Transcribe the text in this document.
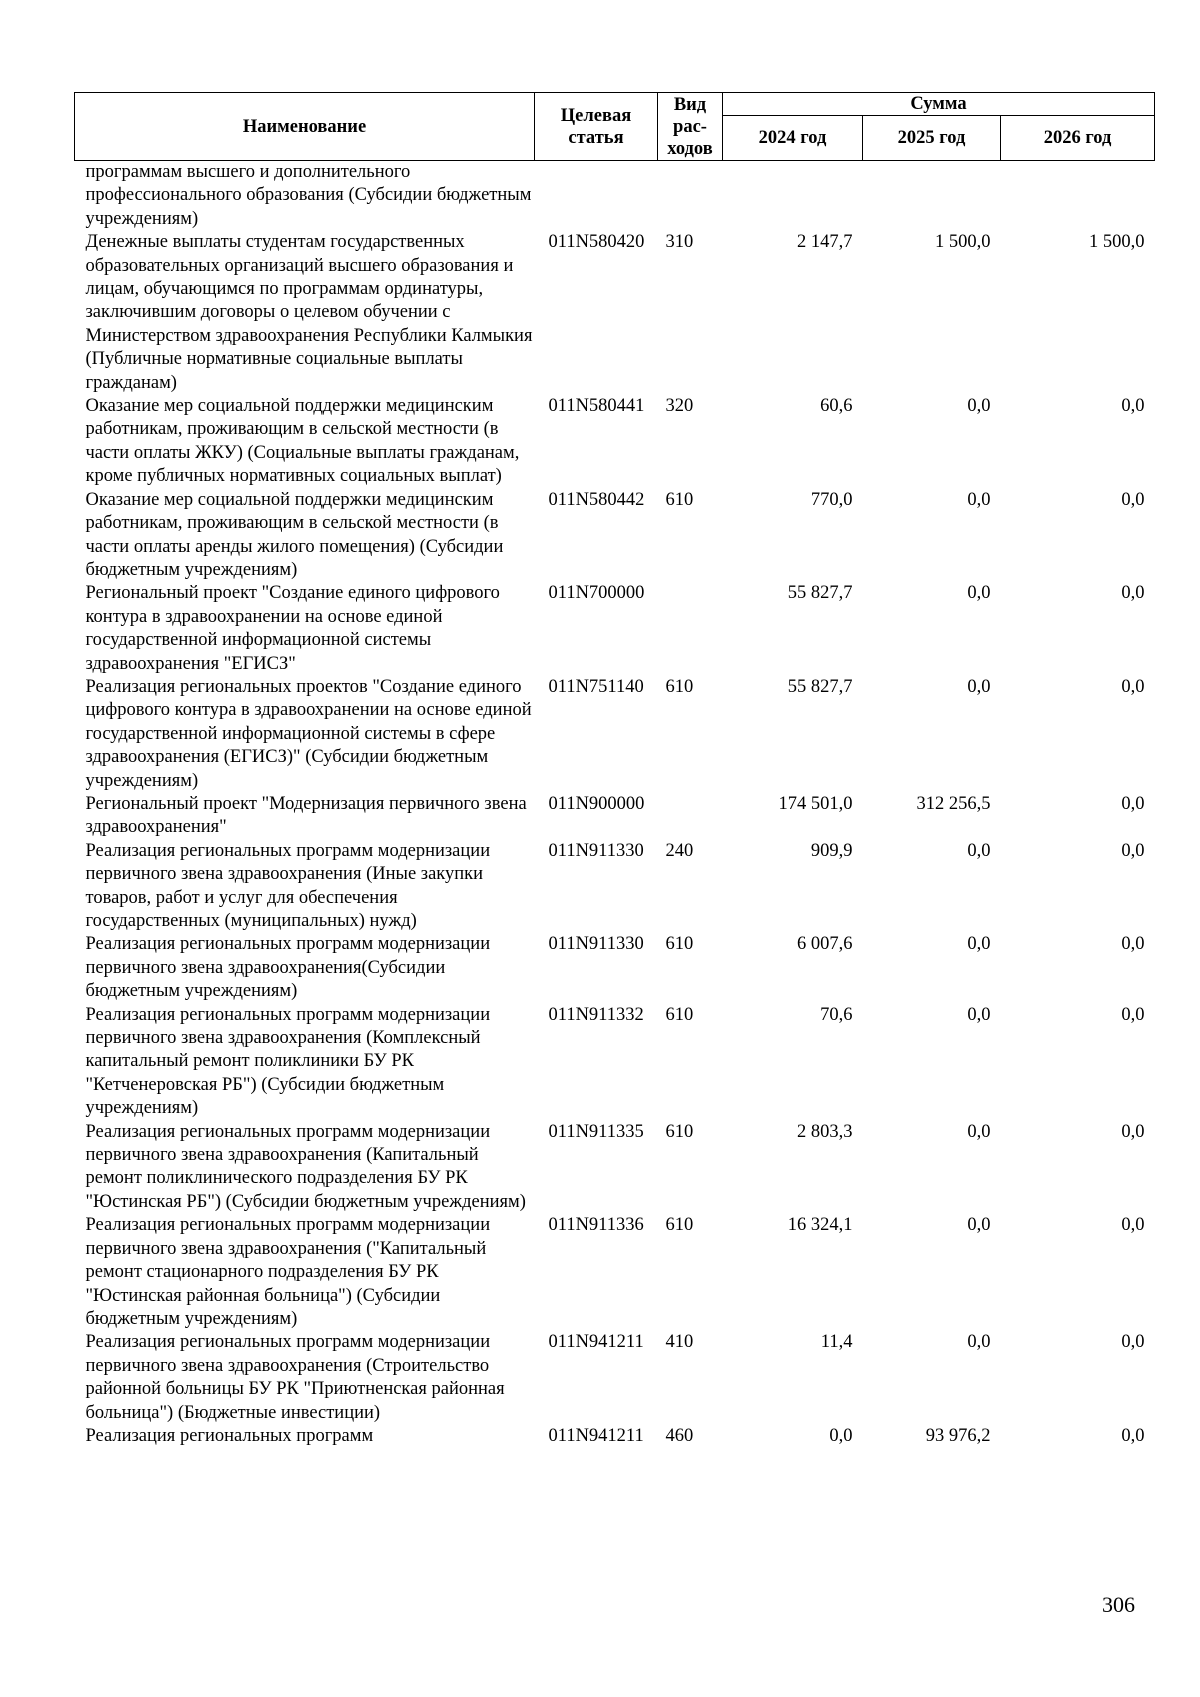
Наименование	Целевая статья	Вид рас-ходов	Сумма		
			2024 год	2025 год	2026 год
программам высшего и дополнительного профессионального образования (Субсидии бюджетным учреждениям)					
Денежные выплаты студентам государственных образовательных организаций высшего образования и лицам, обучающимся по программам ординатуры, заключившим договоры о целевом обучении с Министерством здравоохранения Республики Калмыкия (Публичные нормативные социальные выплаты гражданам)	011N580420	310	2 147,7	1 500,0	1 500,0
Оказание мер социальной поддержки медицинским работникам, проживающим в сельской местности (в части оплаты ЖКУ) (Социальные выплаты гражданам, кроме публичных нормативных социальных выплат)	011N580441	320	60,6	0,0	0,0
Оказание мер социальной поддержки медицинским работникам, проживающим в сельской местности (в части оплаты аренды жилого помещения) (Субсидии бюджетным учреждениям)	011N580442	610	770,0	0,0	0,0
Региональный проект "Создание единого цифрового контура в здравоохранении на основе единой государственной информационной системы здравоохранения "ЕГИСЗ"	011N700000		55 827,7	0,0	0,0
Реализация региональных проектов "Создание единого цифрового контура в здравоохранении на основе единой государственной информационной системы в сфере здравоохранения (ЕГИСЗ)" (Субсидии бюджетным учреждениям)	011N751140	610	55 827,7	0,0	0,0
Региональный проект "Модернизация первичного звена здравоохранения"	011N900000		174 501,0	312 256,5	0,0
Реализация региональных программ модернизации первичного звена здравоохранения (Иные закупки товаров, работ и услуг для обеспечения государственных (муниципальных) нужд)	011N911330	240	909,9	0,0	0,0
Реализация региональных программ модернизации первичного звена здравоохранения(Субсидии бюджетным учреждениям)	011N911330	610	6 007,6	0,0	0,0
Реализация региональных программ модернизации первичного звена здравоохранения (Комплексный капитальный ремонт поликлиники БУ РК "Кетченеровская РБ") (Субсидии бюджетным учреждениям)	011N911332	610	70,6	0,0	0,0
Реализация региональных программ модернизации первичного звена здравоохранения (Капитальный ремонт поликлинического подразделения БУ РК "Юстинская РБ") (Субсидии бюджетным учреждениям)	011N911335	610	2 803,3	0,0	0,0
Реализация региональных программ модернизации первичного звена здравоохранения ("Капитальный ремонт стационарного подразделения БУ РК "Юстинская районная больница") (Субсидии бюджетным учреждениям)	011N911336	610	16 324,1	0,0	0,0
Реализация региональных программ модернизации первичного звена здравоохранения (Строительство районной больницы БУ РК "Приютненская районная больница") (Бюджетные инвестиции)	011N941211	410	11,4	0,0	0,0
Реализация региональных программ	011N941211	460	0,0	93 976,2	0,0
306
